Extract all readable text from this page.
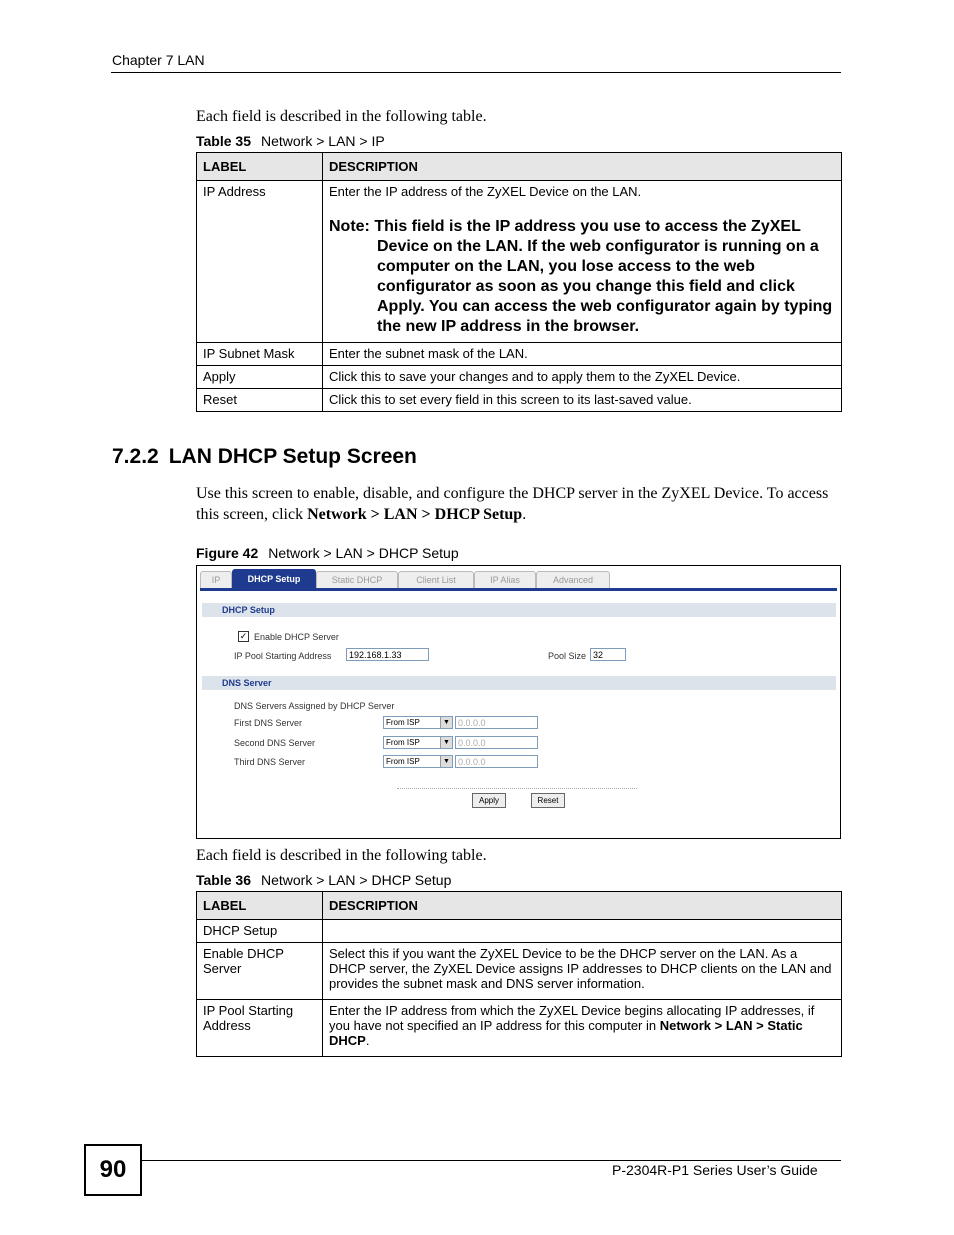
Chapter 7 LAN
Each field is described in the following table.
Table 35 Network > LAN > IP
LABEL	DESCRIPTION
IP Address	Enter the IP address of the ZyXEL Device on the LAN.
Note: This field is the IP address you use to access the ZyXEL Device on the LAN. If the web configurator is running on a computer on the LAN, you lose access to the web configurator as soon as you change this field and click Apply. You can access the web configurator again by typing the new IP address in the browser.

IP Subnet Mask	Enter the subnet mask of the LAN.
Apply	Click this to save your changes and to apply them to the ZyXEL Device.
Reset	Click this to set every field in this screen to its last-saved value.
7.2.2 LAN DHCP Setup Screen
Use this screen to enable, disable, and configure the DHCP server in the ZyXEL Device. To access this screen, click Network > LAN > DHCP Setup.
Figure 42 Network > LAN > DHCP Setup
IP	DHCP Setup	Static DHCP	Client List	IP Alias	Advanced
DHCP Setup
✓ Enable DHCP Server
IP Pool Starting Address	192.168.1.33	Pool Size 32
DNS Server
DNS Servers Assigned by DHCP Server
First DNS Server	From ISP	▼ 0.0.0.0
Second DNS Server	From ISP	▼ 0.0.0.0
Third DNS Server	From ISP	▼ 0.0.0.0
Apply	Reset
Each field is described in the following table.
Table 36 Network > LAN > DHCP Setup
LABEL	DESCRIPTION
DHCP Setup	
Enable DHCP Server	Select this if you want the ZyXEL Device to be the DHCP server on the LAN. As a DHCP server, the ZyXEL Device assigns IP addresses to DHCP clients on the LAN and provides the subnet mask and DNS server information.
IP Pool Starting Address	Enter the IP address from which the ZyXEL Device begins allocating IP addresses, if you have not specified an IP address for this computer in Network > LAN > Static DHCP.
90	P-2304R-P1 Series User’s Guide
